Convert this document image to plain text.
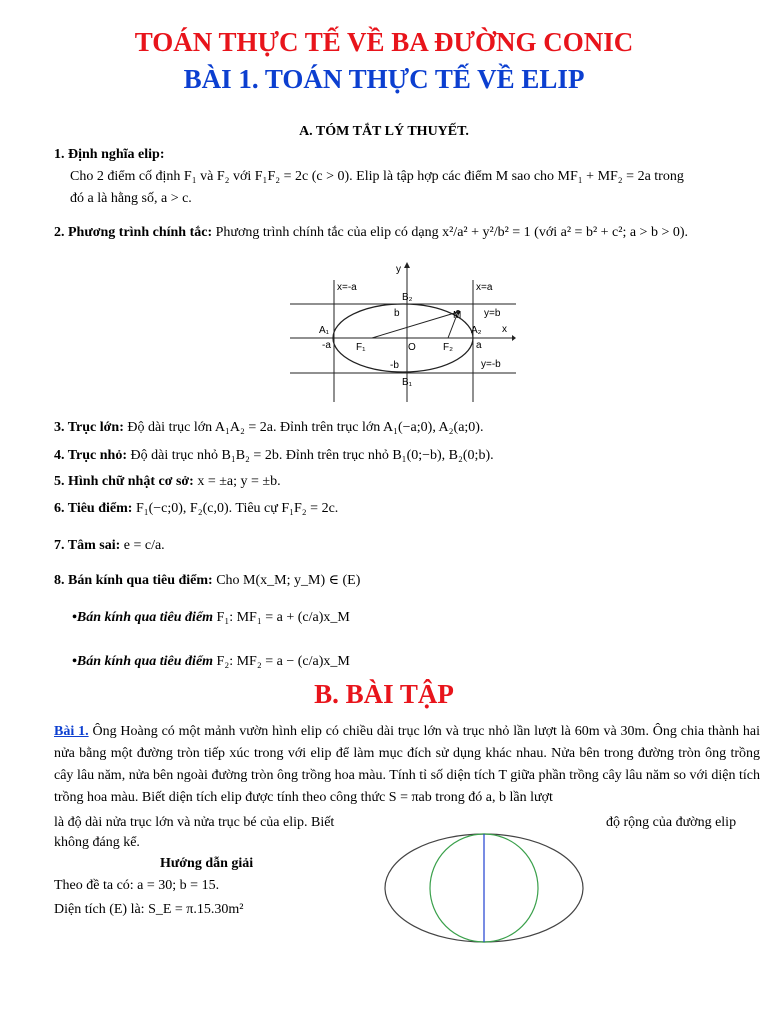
TOÁN THỰC TẾ VỀ BA ĐƯỜNG CONIC
BÀI 1. TOÁN THỰC TẾ VỀ ELIP
A. TÓM TẮT LÝ THUYẾT.
1. Định nghĩa elip:
Cho 2 điểm cố định F₁ và F₂ với F₁F₂ = 2c (c > 0). Elip là tập hợp các điểm M sao cho MF₁ + MF₂ = 2a trong
đó a là hằng số, a > c.
2. Phương trình chính tắc: Phương trình chính tắc của elip có dạng x²/a² + y²/b² = 1 (với a² = b² + c²; a > b > 0).
y
x=-a	x=a
B₂
M y=b
b
A₁	A₂ x
-a	F₁	O	F₂ a
-b	y=-b
B₁
3. Trục lớn: Độ dài trục lớn A₁A₂ = 2a. Đỉnh trên trục lớn A₁(−a;0), A₂(a;0).
4. Trục nhỏ: Độ dài trục nhỏ B₁B₂ = 2b. Đỉnh trên trục nhỏ B₁(0;−b), B₂(0;b).
5. Hình chữ nhật cơ sở: x = ±a; y = ±b.
6. Tiêu điểm: F₁(−c;0), F₂(c,0). Tiêu cự F₁F₂ = 2c.
7. Tâm sai: e = c/a.
8. Bán kính qua tiêu điểm: Cho M(x_M; y_M) ∈ (E)
•Bán kính qua tiêu điểm F₁: MF₁ = a + (c/a)x_M
•Bán kính qua tiêu điểm F₂: MF₂ = a − (c/a)x_M
B. BÀI TẬP
Bài 1. Ông Hoàng có một mảnh vườn hình elip có chiều dài trục lớn và trục nhỏ lần lượt là 60m và 30m. Ông chia thành hai nửa bằng một đường tròn tiếp xúc trong với elip để làm mục đích sử dụng khác nhau. Nửa bên trong đường tròn ông trồng cây lâu năm, nửa bên ngoài đường tròn ông trồng hoa màu. Tính tỉ số diện tích T giữa phần trồng cây lâu năm so với diện tích trồng hoa màu. Biết diện tích elip được tính theo công thức S = πab trong đó a, b lần lượt
là độ dài nửa trục lớn và nửa trục bé của elip. Biết	độ rộng của đường elip
không đáng kể.
Hướng dẫn giải
Theo đề ta có: a = 30; b = 15.
Diện tích (E) là: S_E = π.15.30m²
